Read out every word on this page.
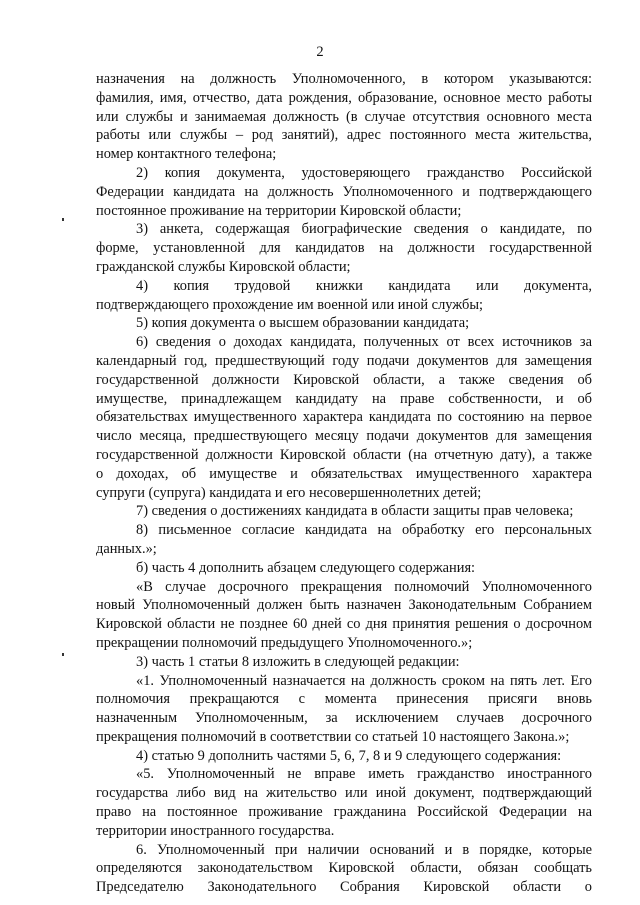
2
назначения на должность Уполномоченного, в котором указываются:
фамилия, имя, отчество, дата рождения, образование, основное место работы
или службы и занимаемая должность (в случае отсутствия основного места
работы или службы – род занятий), адрес постоянного места жительства,
номер контактного телефона;
2) копия документа, удостоверяющего гражданство Российской
Федерации кандидата на должность Уполномоченного и подтверждающего
постоянное проживание на территории Кировской области;
3) анкета, содержащая биографические сведения о кандидате, по
форме, установленной для кандидатов на должности государственной
гражданской службы Кировской области;
4) копия трудовой книжки кандидата или документа,
подтверждающего прохождение им военной или иной службы;
5) копия документа о высшем образовании кандидата;
6) сведения о доходах кандидата, полученных от всех источников за
календарный год, предшествующий году подачи документов для замещения
государственной должности Кировской области, а также сведения об
имуществе, принадлежащем кандидату на праве собственности, и об
обязательствах имущественного характера кандидата по состоянию на первое
число месяца, предшествующего месяцу подачи документов для замещения
государственной должности Кировской области (на отчетную дату), а также
о доходах, об имуществе и обязательствах имущественного характера
супруги (супруга) кандидата и его несовершеннолетних детей;
7) сведения о достижениях кандидата в области защиты прав человека;
8) письменное согласие кандидата на обработку его персональных
данных.»;
б) часть 4 дополнить абзацем следующего содержания:
«В случае досрочного прекращения полномочий Уполномоченного
новый Уполномоченный должен быть назначен Законодательным Собранием
Кировской области не позднее 60 дней со дня принятия решения о досрочном
прекращении полномочий предыдущего Уполномоченного.»;
3) часть 1 статьи 8 изложить в следующей редакции:
«1. Уполномоченный назначается на должность сроком на пять лет. Его
полномочия прекращаются с момента принесения присяги вновь
назначенным Уполномоченным, за исключением случаев досрочного
прекращения полномочий в соответствии со статьей 10 настоящего Закона.»;
4) статью 9 дополнить частями 5, 6, 7, 8 и 9 следующего содержания:
«5. Уполномоченный не вправе иметь гражданство иностранного
государства либо вид на жительство или иной документ, подтверждающий
право на постоянное проживание гражданина Российской Федерации на
территории иностранного государства.
6. Уполномоченный при наличии оснований и в порядке, которые
определяются законодательством Кировской области, обязан сообщать
Председателю Законодательного Собрания Кировской области о
